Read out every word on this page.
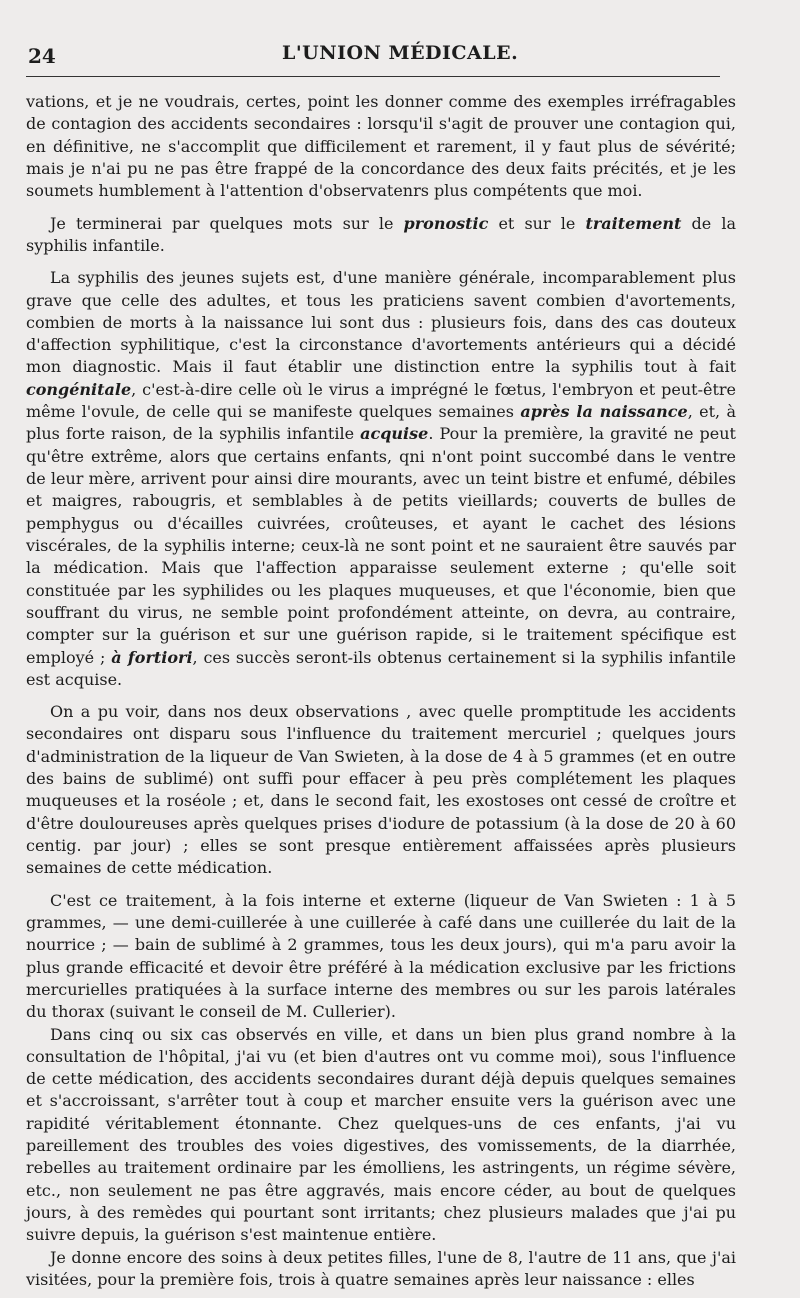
24	L'UNION MÉDICALE.

vations, et je ne voudrais, certes, point les donner comme des exemples irréfragables de contagion des accidents secondaires : lorsqu'il s'agit de prouver une contagion qui, en définitive, ne s'accomplit que difficilement et rarement, il y faut plus de sévérité; mais je n'ai pu ne pas être frappé de la concordance des deux faits précités, et je les soumets humblement à l'attention d'observatenrs plus compétents que moi.

Je terminerai par quelques mots sur le pronostic et sur le traitement de la syphilis infantile.

La syphilis des jeunes sujets est, d'une manière générale, incomparablement plus grave que celle des adultes, et tous les praticiens savent combien d'avortements, combien de morts à la naissance lui sont dus : plusieurs fois, dans des cas douteux d'affection syphilitique, c'est la circonstance d'avortements antérieurs qui a décidé mon diagnostic. Mais il faut établir une distinction entre la syphilis tout à fait congénitale, c'est-à-dire celle où le virus a imprégné le fœtus, l'embryon et peut-être même l'ovule, de celle qui se manifeste quelques semaines après la naissance, et, à plus forte raison, de la syphilis infantile acquise. Pour la première, la gravité ne peut qu'être extrême, alors que certains enfants, qni n'ont point succombé dans le ventre de leur mère, arrivent pour ainsi dire mourants, avec un teint bistre et enfumé, débiles et maigres, rabougris, et semblables à de petits vieillards; couverts de bulles de pemphygus ou d'écailles cuivrées, croûteuses, et ayant le cachet des lésions viscérales, de la syphilis interne; ceux-là ne sont point et ne sauraient être sauvés par la médication. Mais que l'affection apparaisse seulement externe ; qu'elle soit constituée par les syphilides ou les plaques muqueuses, et que l'économie, bien que souffrant du virus, ne semble point profondément atteinte, on devra, au contraire, compter sur la guérison et sur une guérison rapide, si le traitement spécifique est employé ; à fortiori, ces succès seront-ils obtenus certainement si la syphilis infantile est acquise.

On a pu voir, dans nos deux observations , avec quelle promptitude les accidents secondaires ont disparu sous l'influence du traitement mercuriel ; quelques jours d'administration de la liqueur de Van Swieten, à la dose de 4 à 5 grammes (et en outre des bains de sublimé) ont suffi pour effacer à peu près complétement les plaques muqueuses et la roséole ; et, dans le second fait, les exostoses ont cessé de croître et d'être douloureuses après quelques prises d'iodure de potassium (à la dose de 20 à 60 centig. par jour) ; elles se sont presque entièrement affaissées après plusieurs semaines de cette médication.

C'est ce traitement, à la fois interne et externe (liqueur de Van Swieten : 1 à 5 grammes, — une demi-cuillerée à une cuillerée à café dans une cuillerée du lait de la nourrice ; — bain de sublimé à 2 grammes, tous les deux jours), qui m'a paru avoir la plus grande efficacité et devoir être préféré à la médication exclusive par les frictions mercurielles pratiquées à la surface interne des membres ou sur les parois latérales du thorax (suivant le conseil de M. Cullerier).

Dans cinq ou six cas observés en ville, et dans un bien plus grand nombre à la consultation de l'hôpital, j'ai vu (et bien d'autres ont vu comme moi), sous l'influence de cette médication, des accidents secondaires durant déjà depuis quelques semaines et s'accroissant, s'arrêter tout à coup et marcher ensuite vers la guérison avec une rapidité véritablement étonnante. Chez quelques-uns de ces enfants, j'ai vu pareillement des troubles des voies digestives, des vomissements, de la diarrhée, rebelles au traitement ordinaire par les émolliens, les astringents, un régime sévère, etc., non seulement ne pas être aggravés, mais encore céder, au bout de quelques jours, à des remèdes qui pourtant sont irritants; chez plusieurs malades que j'ai pu suivre depuis, la guérison s'est maintenue entière.

Je donne encore des soins à deux petites filles, l'une de 8, l'autre de 11 ans, que j'ai visitées, pour la première fois, trois à quatre semaines après leur naissance : elles
